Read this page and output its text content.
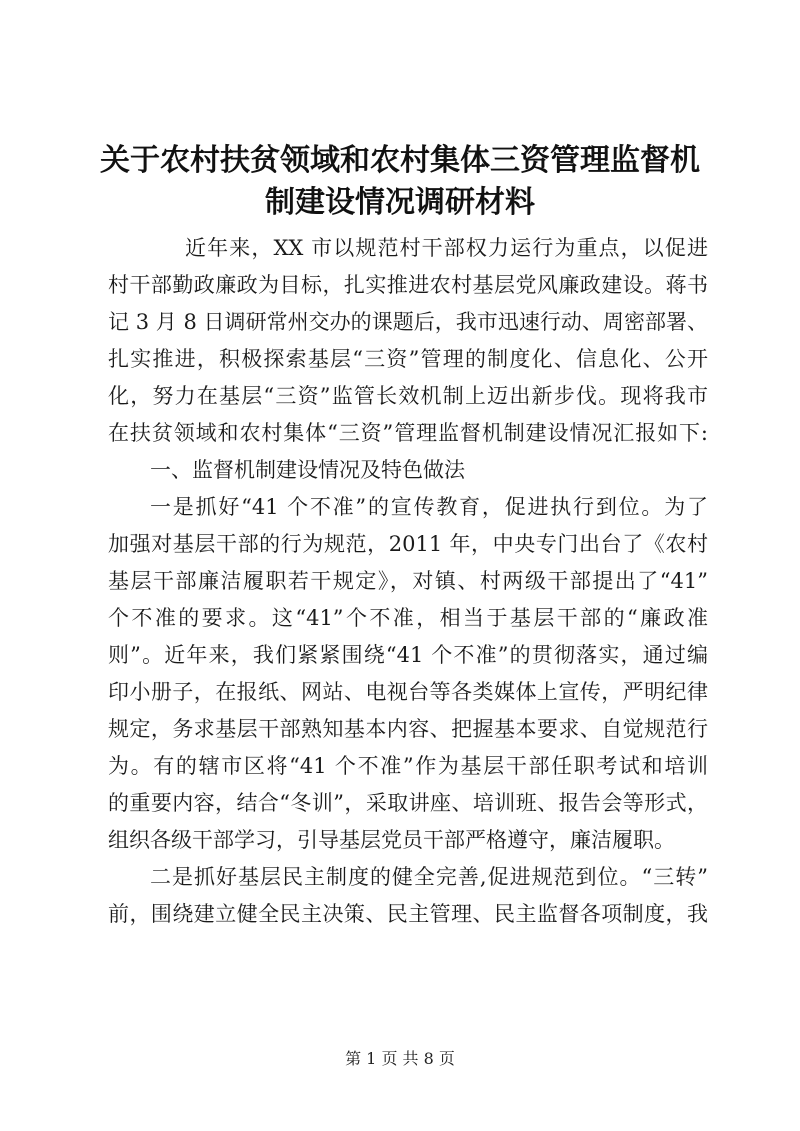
关于农村扶贫领域和农村集体三资管理监督机
制建设情况调研材料
近年来，XX 市以规范村干部权力运行为重点，以促进
村干部勤政廉政为目标，扎实推进农村基层党风廉政建设。蒋书
记 3 月 8 日调研常州交办的课题后，我市迅速行动、周密部署、
扎实推进，积极探索基层“三资”管理的制度化、信息化、公开
化，努力在基层“三资”监管长效机制上迈出新步伐。现将我市
在扶贫领域和农村集体“三资”管理监督机制建设情况汇报如下:
一、监督机制建设情况及特色做法
一是抓好“41 个不准”的宣传教育，促进执行到位。为了
加强对基层干部的行为规范，2011 年，中央专门出台了《农村
基层干部廉洁履职若干规定》，对镇、村两级干部提出了“41”
个不准的要求。这“41”个不准，相当于基层干部的“廉政准
则”。近年来，我们紧紧围绕“41 个不准”的贯彻落实，通过编
印小册子，在报纸、网站、电视台等各类媒体上宣传，严明纪律
规定，务求基层干部熟知基本内容、把握基本要求、自觉规范行
为。有的辖市区将“41 个不准”作为基层干部任职考试和培训
的重要内容，结合“冬训”，采取讲座、培训班、报告会等形式，
组织各级干部学习，引导基层党员干部严格遵守，廉洁履职。
二是抓好基层民主制度的健全完善,促进规范到位。“三转”
前，围绕建立健全民主决策、民主管理、民主监督各项制度，我
第 1 页 共 8 页
